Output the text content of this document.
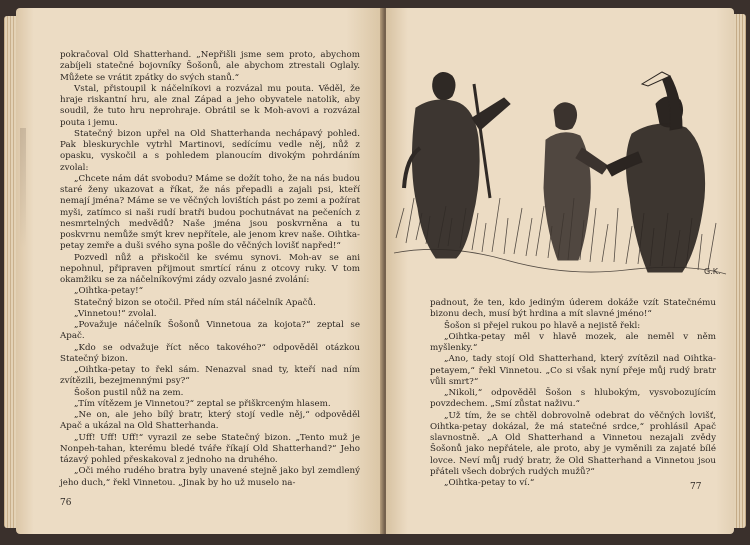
pokračoval Old Shatterhand. „Nepřišli jsme sem proto, abychom zabíjeli statečné bojovníky Šošonů, ale abychom ztrestali Oglaly. Můžete se vrátit zpátky do svých stanů.“

Vstal, přistoupil k náčelníkovi a rozvázal mu pouta. Věděl, že hraje riskantní hru, ale znal Západ a jeho obyvatele natolik, aby soudil, že tuto hru neprohraje. Obrátil se k Moh-avovi a rozvázal pouta i jemu.

Statečný bizon upřel na Old Shatterhanda nechápavý pohled. Pak bleskurychle vytrhl Martinovi, sedícímu vedle něj, nůž z opasku, vyskočil a s pohledem planoucím divokým pohrdáním zvolal:

„Chcete nám dát svobodu? Máme se dožít toho, že na nás budou staré ženy ukazovat a říkat, že nás přepadli a zajali psi, kteří nemají jména? Máme se ve věčných lovištích pást po zemi a požírat myši, zatímco si naši rudí bratři budou pochutnávat na pečeních z nesmrtelných medvědů? Naše jména jsou poskvrněna a tu poskvrnu nemůže smýt krev nepřítele, ale jenom krev naše. Oihtka-petay zemře a duši svého syna pošle do věčných lovišť napřed!“

Pozvedl nůž a přiskočil ke svému synovi. Moh-av se ani nepohnul, připraven přijmout smrtící ránu z otcovy ruky. V tom okamžiku se za náčelníkovými zády ozvalo jasné zvolání:

„Oihtka-petay!“

Statečný bizon se otočil. Před ním stál náčelník Apačů.

„Vinnetou!“ zvolal.

„Považuje náčelník Šošonů Vinnetoua za kojota?“ zeptal se Apač.

„Kdo se odvažuje říct něco takového?“ odpověděl otázkou Statečný bizon.

„Oihtka-petay to řekl sám. Nenazval snad ty, kteří nad ním zvítězili, bezejmennými psy?“

Šošon pustil nůž na zem.

„Tím vítězem je Vinnetou?“ zeptal se přiškrceným hlasem.

„Ne on, ale jeho bílý bratr, který stojí vedle něj,“ odpověděl Apač a ukázal na Old Shatterhanda.

„Uff! Uff! Uff!“ vyrazil ze sebe Statečný bizon. „Tento muž je Nonpeh-tahan, kterému bledé tváře říkají Old Shatterhand?“ Jeho tázavý pohled přeskakoval z jednoho na druhého.

„Oči mého rudého bratra byly unavené stejně jako byl zemdlený jeho duch,“ řekl Vinnetou. „Jinak by ho už muselo na-

76
G.K.

padnout, že ten, kdo jediným úderem dokáže vzít Statečnému bizonu dech, musí být hrdina a mít slavné jméno!“

Šošon si přejel rukou po hlavě a nejistě řekl:

„Oihtka-petay měl v hlavě mozek, ale neměl v něm myšlenky.“

„Ano, tady stojí Old Shatterhand, který zvítězil nad Oihtka-petayem,“ řekl Vinnetou. „Co si však nyní přeje můj rudý bratr vůli smrt?“

„Nikoli,“ odpověděl Šošon s hlubokým, vysvobozujícím povzdechem. „Smí zůstat naživu.“

„Už tím, že se chtěl dobrovolně odebrat do věčných lovišť, Oihtka-petay dokázal, že má statečné srdce,“ prohlásil Apač slavnostně. „A Old Shatterhand a Vinnetou nezajali zvědy Šošonů jako nepřátele, ale proto, aby je vyměnili za zajaté bílé lovce. Neví můj rudý bratr, že Old Shatterhand a Vinnetou jsou přáteli všech dobrých rudých mužů?“

„Oihtka-petay to ví.“	77
